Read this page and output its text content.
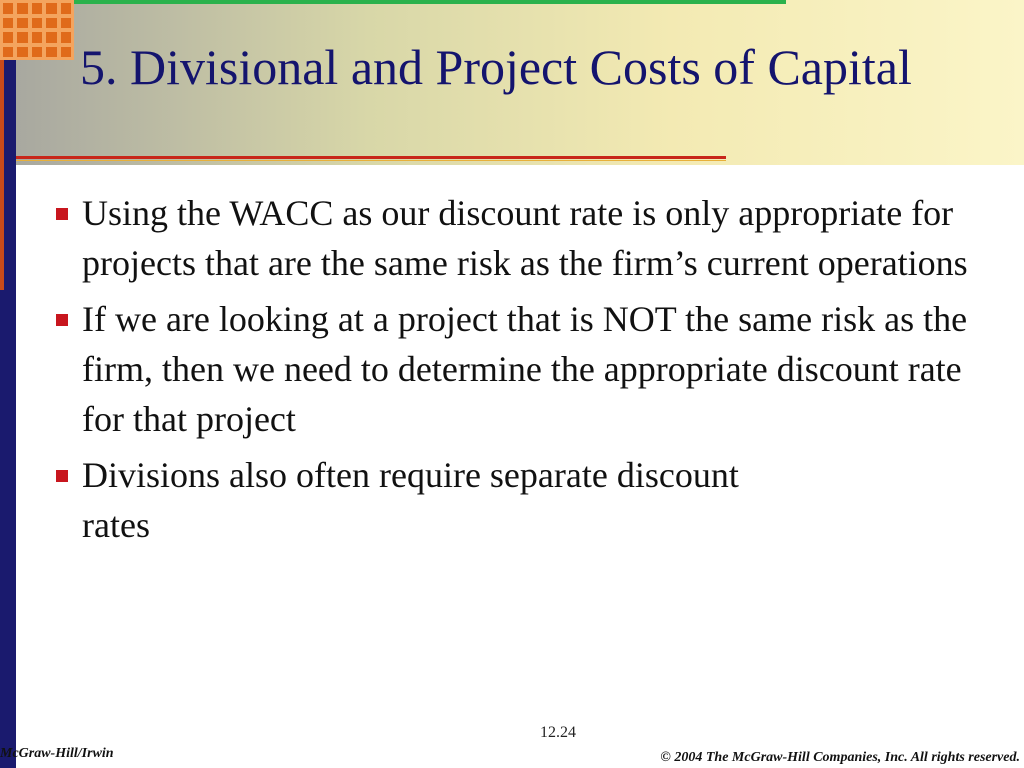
5. Divisional and Project Costs of Capital
Using the WACC as our discount rate is only appropriate for projects that are the same risk as the firm’s current operations
If we are looking at a project that is NOT the same risk as the firm, then we need to determine the appropriate discount rate for that project
Divisions also often require separate discount rates
12.24
McGraw-Hill/Irwin	© 2004 The McGraw-Hill Companies, Inc. All rights reserved.
